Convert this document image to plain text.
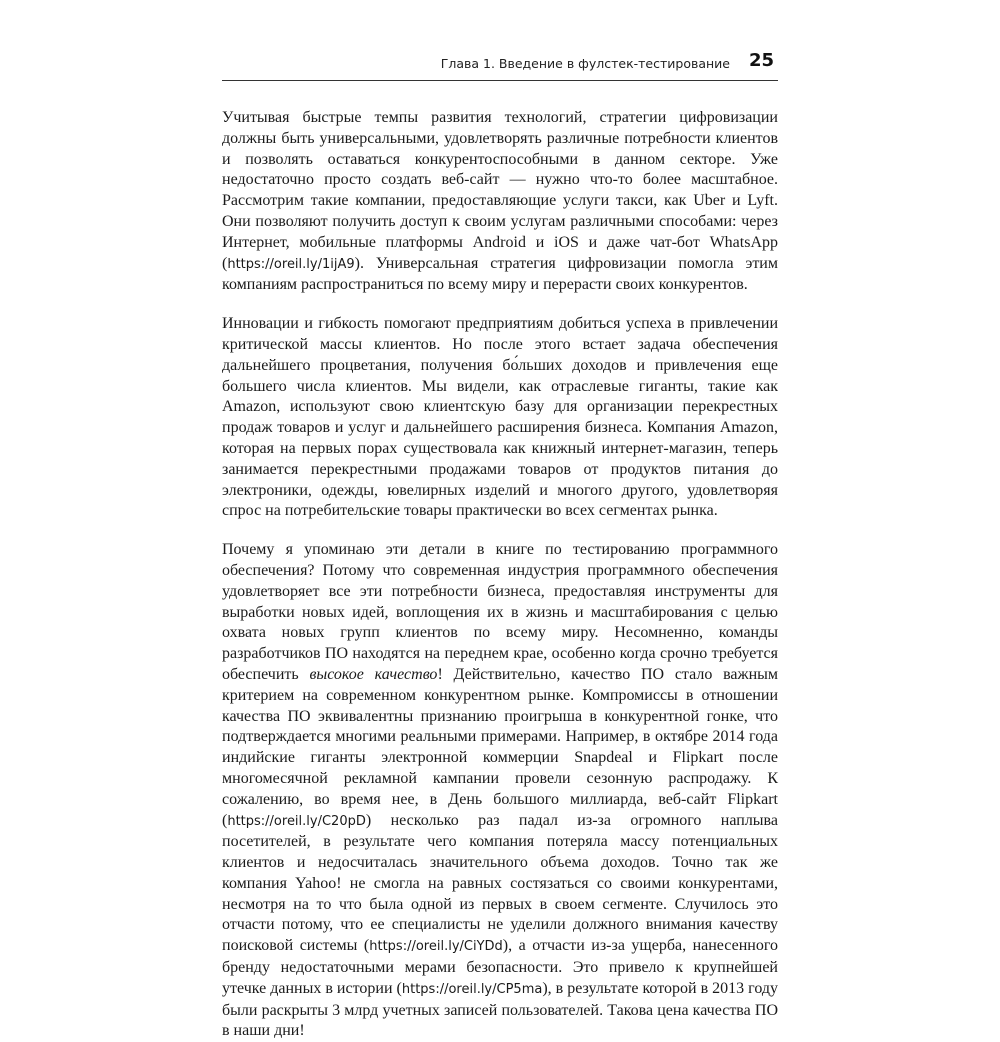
Глава 1. Введение в фулстек-тестирование 25

Учитывая быстрые темпы развития технологий, стратегии цифровизации должны быть универсальными, удовлетворять различные потребности клиентов и позволять оставаться конкурентоспособными в данном секторе. Уже недостаточно просто создать веб-сайт — нужно что-то более масштабное. Рассмотрим такие компании, предоставляющие услуги такси, как Uber и Lyft. Они позволяют получить доступ к своим услугам различными способами: через Интернет, мобильные платформы Android и iOS и даже чат-бот WhatsApp (https://oreil.ly/1ijA9). Универсальная стратегия цифровизации помогла этим компаниям распространиться по всему миру и перерасти своих конкурентов.

Инновации и гибкость помогают предприятиям добиться успеха в привлечении критической массы клиентов. Но после этого встает задача обеспечения дальнейшего процветания, получения бо́льших доходов и привлечения еще большего числа клиентов. Мы видели, как отраслевые гиганты, такие как Amazon, используют свою клиентскую базу для организации перекрестных продаж товаров и услуг и дальнейшего расширения бизнеса. Компания Amazon, которая на первых порах существовала как книжный интернет-магазин, теперь занимается перекрестными продажами товаров от продуктов питания до электроники, одежды, ювелирных изделий и многого другого, удовлетворяя спрос на потребительские товары практически во всех сегментах рынка.

Почему я упоминаю эти детали в книге по тестированию программного обеспечения? Потому что современная индустрия программного обеспечения удовлетворяет все эти потребности бизнеса, предоставляя инструменты для выработки новых идей, воплощения их в жизнь и масштабирования с целью охвата новых групп клиентов по всему миру. Несомненно, команды разработчиков ПО находятся на переднем крае, особенно когда срочно требуется обеспечить высокое качество! Действительно, качество ПО стало важным критерием на современном конкурентном рынке. Компромиссы в отношении качества ПО эквивалентны признанию проигрыша в конкурентной гонке, что подтверждается многими реальными примерами. Например, в октябре 2014 года индийские гиганты электронной коммерции Snapdeal и Flipkart после многомесячной рекламной кампании провели сезонную распродажу. К сожалению, во время нее, в День большого миллиарда, веб-сайт Flipkart (https://oreil.ly/C20pD) несколько раз падал из-за огромного наплыва посетителей, в результате чего компания потеряла массу потенциальных клиентов и недосчиталась значительного объема доходов. Точно так же компания Yahoo! не смогла на равных состязаться со своими конкурентами, несмотря на то что была одной из первых в своем сегменте. Случилось это отчасти потому, что ее специалисты не уделили должного внимания качеству поисковой системы (https://oreil.ly/CiYDd), а отчасти из-за ущерба, нанесенного бренду недостаточными мерами безопасности. Это привело к крупнейшей утечке данных в истории (https://oreil.ly/CP5ma), в результате которой в 2013 году были раскрыты 3 млрд учетных записей пользователей. Такова цена качества ПО в наши дни!
